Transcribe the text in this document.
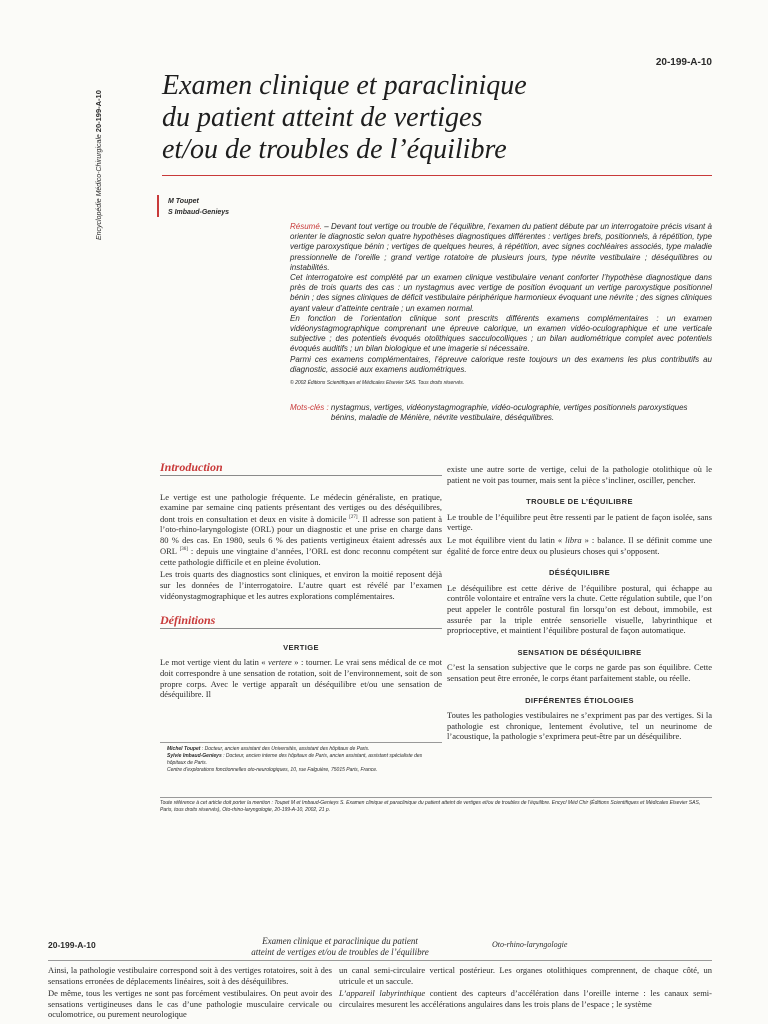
Encyclopédie Médico-Chirurgicale 20-199-A-10
20-199-A-10
Examen clinique et paraclinique
du patient atteint de vertiges
et/ou de troubles de l’équilibre
M Toupet
S Imbaud-Genieys

Résumé. – Devant tout vertige ou trouble de l’équilibre, l’examen du patient débute par un interrogatoire précis visant à orienter le diagnostic selon quatre hypothèses diagnostiques différentes : vertiges brefs, positionnels, à répétition, type vertige paroxystique bénin ; vertiges de quelques heures, à répétition, avec signes cochléaires associés, type maladie pressionnelle de l’oreille ; grand vertige rotatoire de plusieurs jours, type névrite vestibulaire ; déséquilibres ou instabilités.

Cet interrogatoire est complété par un examen clinique vestibulaire venant conforter l’hypothèse diagnostique dans près de trois quarts des cas : un nystagmus avec vertige de position évoquant un vertige paroxystique positionnel bénin ; des signes cliniques de déficit vestibulaire périphérique harmonieux évoquant une névrite ; des signes cliniques ayant valeur d’atteinte centrale ; un examen normal.

En fonction de l’orientation clinique sont prescrits différents examens complémentaires : un examen vidéonystagmographique comprenant une épreuve calorique, un examen vidéo-oculographique et une verticale subjective ; des potentiels évoqués otolithiques sacculocolliques ; un bilan audiométrique complet avec potentiels évoqués auditifs ; un bilan biologique et une imagerie si nécessaire.

Parmi ces examens complémentaires, l’épreuve calorique reste toujours un des examens les plus contributifs au diagnostic, associé aux examens audiométriques.

© 2002 Éditions Scientifiques et Médicales Elsevier SAS. Tous droits réservés.

Mots-clés : nystagmus, vertiges, vidéonystagmographie, vidéo-oculographie, vertiges positionnels paroxystiques bénins, maladie de Ménière, névrite vestibulaire, déséquilibres.
Introduction

Le vertige est une pathologie fréquente. Le médecin généraliste, en pratique, examine par semaine cinq patients présentant des vertiges ou des déséquilibres, dont trois en consultation et deux en visite à domicile [27]. Il adresse son patient à l’oto-rhino-laryngologiste (ORL) pour un diagnostic et une prise en charge dans 80 % des cas. En 1980, seuls 6 % des patients vertigineux étaient adressés aux ORL [36] : depuis une vingtaine d’années, l’ORL est donc reconnu compétent sur cette pathologie difficile et en pleine évolution.

Les trois quarts des diagnostics sont cliniques, et environ la moitié reposent déjà sur les données de l’interrogatoire. L’autre quart est révélé par l’examen vidéonystagmographique et les autres explorations complémentaires.

Définitions
VERTIGE

Le mot vertige vient du latin « vertere » : tourner. Le vrai sens médical de ce mot doit correspondre à une sensation de rotation, soit de l’environnement, soit de son propre corps. Avec le vertige apparaît un déséquilibre et/ou une sensation de déséquilibre. Il

existe une autre sorte de vertige, celui de la pathologie otolithique où le patient ne voit pas tourner, mais sent la pièce s’incliner, osciller, pencher.

TROUBLE DE L’ÉQUILIBRE

Le trouble de l’équilibre peut être ressenti par le patient de façon isolée, sans vertige.

Le mot équilibre vient du latin « libra » : balance. Il se définit comme une égalité de force entre deux ou plusieurs choses qui s’opposent.

DÉSÉQUILIBRE

Le déséquilibre est cette dérive de l’équilibre postural, qui échappe au contrôle volontaire et entraîne vers la chute. Cette régulation subtile, que l’on peut appeler le contrôle postural fin lorsqu’on est debout, immobile, est assurée par la triple entrée sensorielle visuelle, labyrinthique et proprioceptive, et maintient l’équilibre postural de façon automatique.

SENSATION DE DÉSÉQUILIBRE

C’est la sensation subjective que le corps ne garde pas son équilibre. Cette sensation peut être erronée, le corps étant parfaitement stable, ou réelle.

DIFFÉRENTES ÉTIOLOGIES

Toutes les pathologies vestibulaires ne s’expriment pas par des vertiges. Si la pathologie est chronique, lentement évolutive, tel un neurinome de l’acoustique, la pathologie s’exprimera peut-être par un déséquilibre.

Michel Toupet : Docteur, ancien assistant des Universités, assistant des hôpitaux de Paris.
Sylvie Imbaud-Genieys : Docteur, ancien interne des hôpitaux de Paris, ancien assistant, assistant spécialiste des hôpitaux de Paris.
Centre d’explorations fonctionnelles oto-neurologiques, 10, rue Falguière, 75015 Paris, France.
Toute référence à cet article doit porter la mention : Toupet M et Imbaud-Genieys S. Examen clinique et paraclinique du patient atteint de vertiges et/ou de troubles de l’équilibre. Encycl Méd Chir (Éditions Scientifiques et Médicales Elsevier SAS, Paris, tous droits réservés), Oto-rhino-laryngologie, 20-199-A-10, 2002, 21 p.
20-199-A-10	Examen clinique et paraclinique du patient
atteint de vertiges et/ou de troubles de l’équilibre
Oto-rhino-laryngologie

Ainsi, la pathologie vestibulaire correspond soit à des vertiges rotatoires, soit à des sensations erronées de déplacements linéaires, soit à des déséquilibres.

De même, tous les vertiges ne sont pas forcément vestibulaires. On peut avoir des sensations vertigineuses dans le cas d’une pathologie musculaire cervicale ou oculomotrice, ou purement neurologique

un canal semi-circulaire vertical postérieur. Les organes otolithiques comprennent, de chaque côté, un utricule et un saccule.

L’appareil labyrinthique contient des capteurs d’accélération dans l’oreille interne : les canaux semi-circulaires mesurent les accélérations angulaires dans les trois plans de l’espace ; le système
